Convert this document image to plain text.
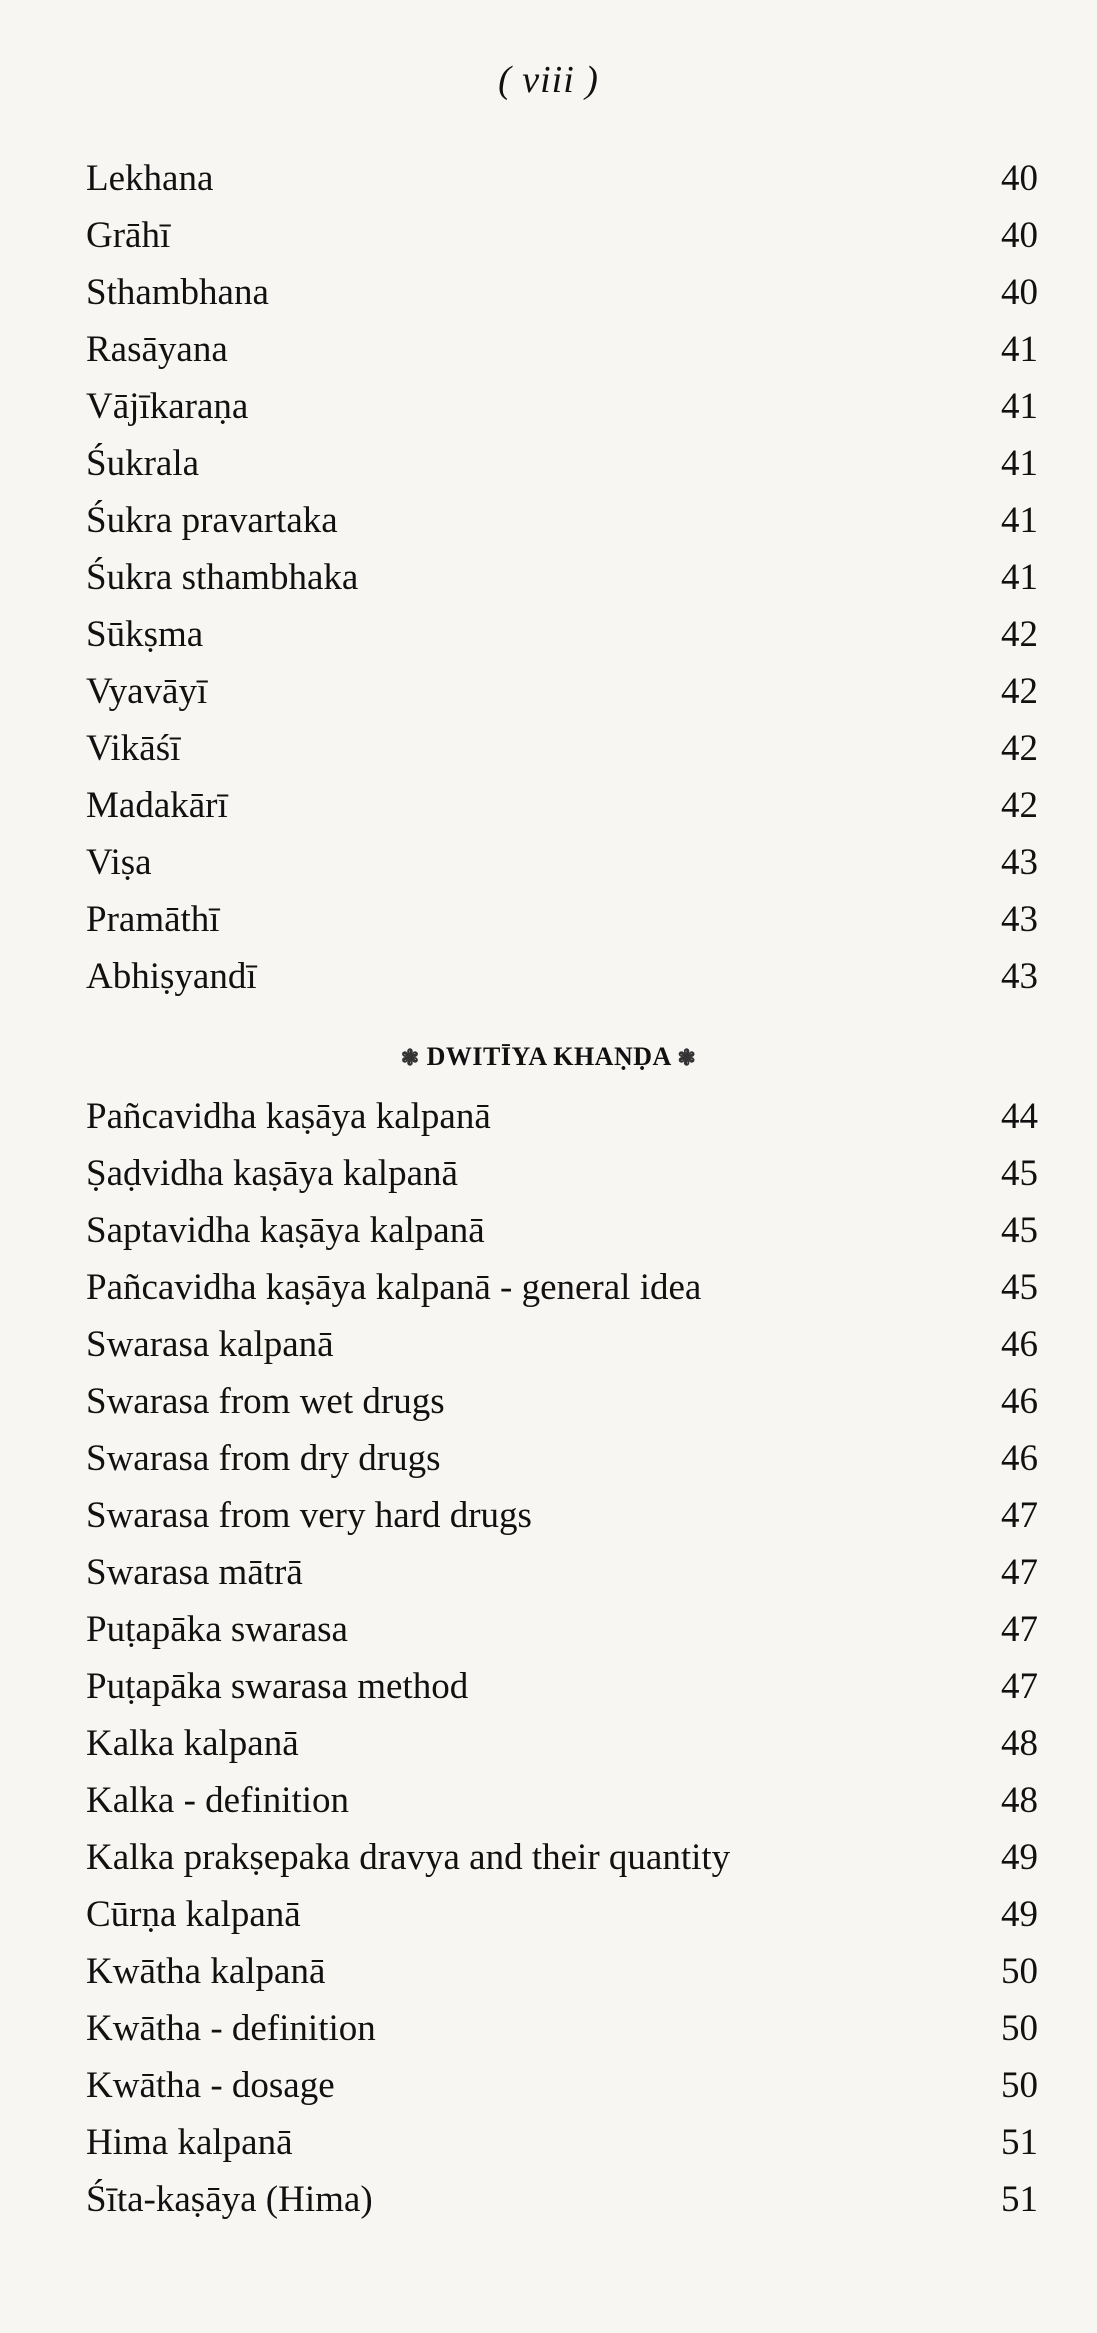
( viii )
Lekhana	40
Grāhī	40
Sthambhana	40
Rasāyana	41
Vājīkaraṇa	41
Śukrala	41
Śukra pravartaka	41
Śukra sthambhaka	41
Sūkṣma	42
Vyavāyī	42
Vikāśī	42
Madakārī	42
Viṣa	43
Pramāthī	43
Abhiṣyandī	43
❃ DWITĪYA KHAṆḌA ❃
Pañcavidha kaṣāya kalpanā	44
Ṣaḍvidha kaṣāya kalpanā	45
Saptavidha kaṣāya kalpanā	45
Pañcavidha kaṣāya kalpanā - general idea	45
Swarasa kalpanā	46
Swarasa from wet drugs	46
Swarasa from dry drugs	46
Swarasa from very hard drugs	47
Swarasa mātrā	47
Puṭapāka swarasa	47
Puṭapāka swarasa method	47
Kalka kalpanā	48
Kalka - definition	48
Kalka prakṣepaka dravya and their quantity	49
Cūrṇa kalpanā	49
Kwātha kalpanā	50
Kwātha - definition	50
Kwātha - dosage	50
Hima kalpanā	51
Śīta-kaṣāya (Hima)	51
